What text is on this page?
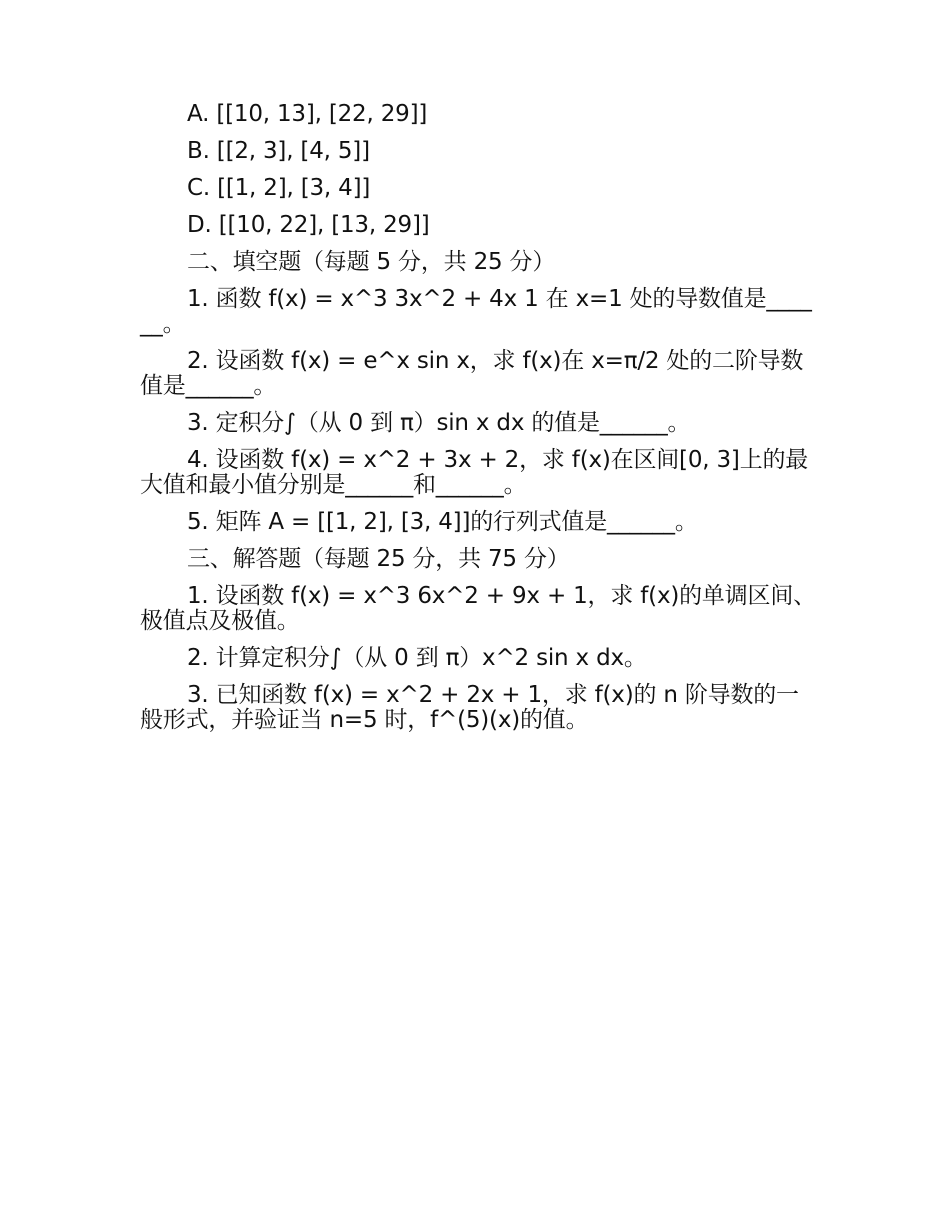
A. [[10, 13], [22, 29]]

B. [[2, 3], [4, 5]]

C. [[1, 2], [3, 4]]

D. [[10, 22], [13, 29]]

二、填空题（每题 5 分，共 25 分）

1. 函数 f(x) = x^3 3x^2 + 4x 1 在 x=1 处的导数值是______。

2. 设函数 f(x) = e^x sin x，求 f(x)在 x=π/2 处的二阶导数值是______。

3. 定积分∫（从 0 到 π）sin x dx 的值是______。

4. 设函数 f(x) = x^2 + 3x + 2，求 f(x)在区间[0, 3]上的最大值和最小值分别是______和______。

5. 矩阵 A = [[1, 2], [3, 4]]的行列式值是______。

三、解答题（每题 25 分，共 75 分）

1. 设函数 f(x) = x^3 6x^2 + 9x + 1，求 f(x)的单调区间、极值点及极值。

2. 计算定积分∫（从 0 到 π）x^2 sin x dx。

3. 已知函数 f(x) = x^2 + 2x + 1，求 f(x)的 n 阶导数的一般形式，并验证当 n=5 时，f^(5)(x)的值。
